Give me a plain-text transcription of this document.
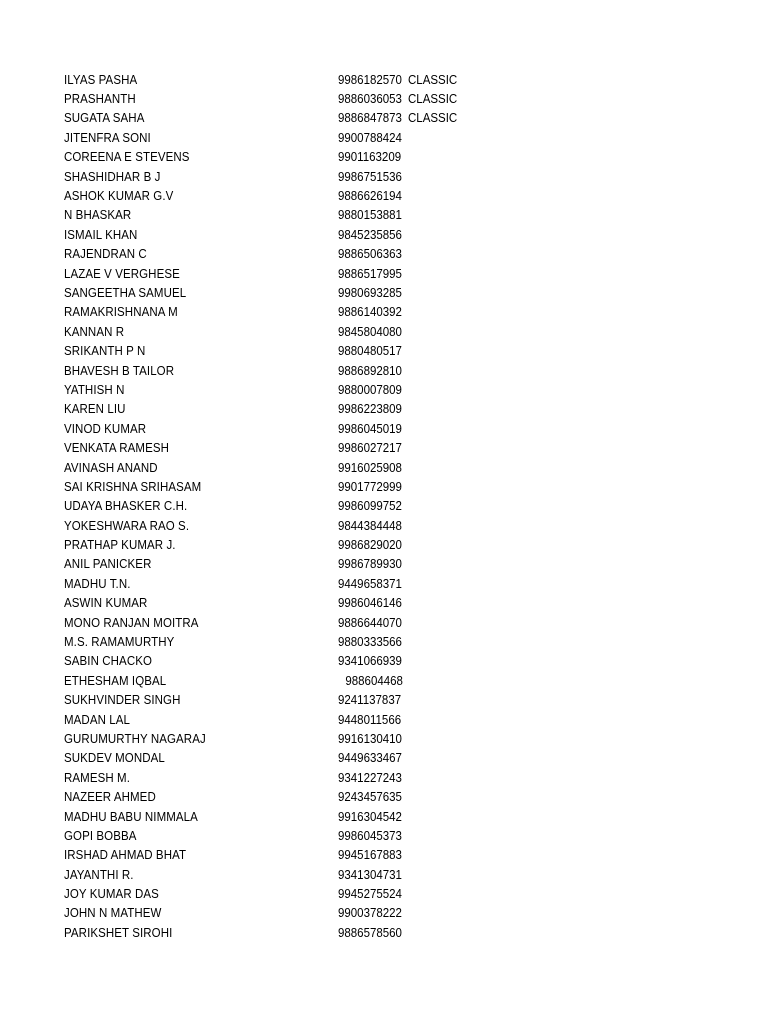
ILYAS PASHA	9986182570 CLASSIC
PRASHANTH	9886036053 CLASSIC
SUGATA SAHA	9886847873 CLASSIC
JITENFRA SONI	9900788424
COREENA E STEVENS	9901163209
SHASHIDHAR B J	9986751536
ASHOK KUMAR G.V	9886626194
N BHASKAR	9880153881
ISMAIL KHAN	9845235856
RAJENDRAN C	9886506363
LAZAE V VERGHESE	9886517995
SANGEETHA SAMUEL	9980693285
RAMAKRISHNANA M	9886140392
KANNAN R	9845804080
SRIKANTH P N	9880480517
BHAVESH B TAILOR	9886892810
YATHISH N	9880007809
KAREN LIU	9986223809
VINOD KUMAR	9986045019
VENKATA RAMESH	9986027217
AVINASH ANAND	9916025908
SAI KRISHNA SRIHASAM	9901772999
UDAYA BHASKER C.H.	9986099752
YOKESHWARA RAO S.	9844384448
PRATHAP KUMAR J.	9986829020
ANIL PANICKER	9986789930
MADHU T.N.	9449658371
ASWIN KUMAR	9986046146
MONO RANJAN MOITRA	9886644070
M.S. RAMAMURTHY	9880333566
SABIN CHACKO	9341066939
ETHESHAM IQBAL	988604468
SUKHVINDER SINGH	9241137837
MADAN LAL	9448011566
GURUMURTHY NAGARAJ	9916130410
SUKDEV MONDAL	9449633467
RAMESH M.	9341227243
NAZEER AHMED	9243457635
MADHU BABU NIMMALA	9916304542
GOPI BOBBA	9986045373
IRSHAD AHMAD BHAT	9945167883
JAYANTHI R.	9341304731
JOY KUMAR DAS	9945275524
JOHN N MATHEW	9900378222
PARIKSHET SIROHI	9886578560
